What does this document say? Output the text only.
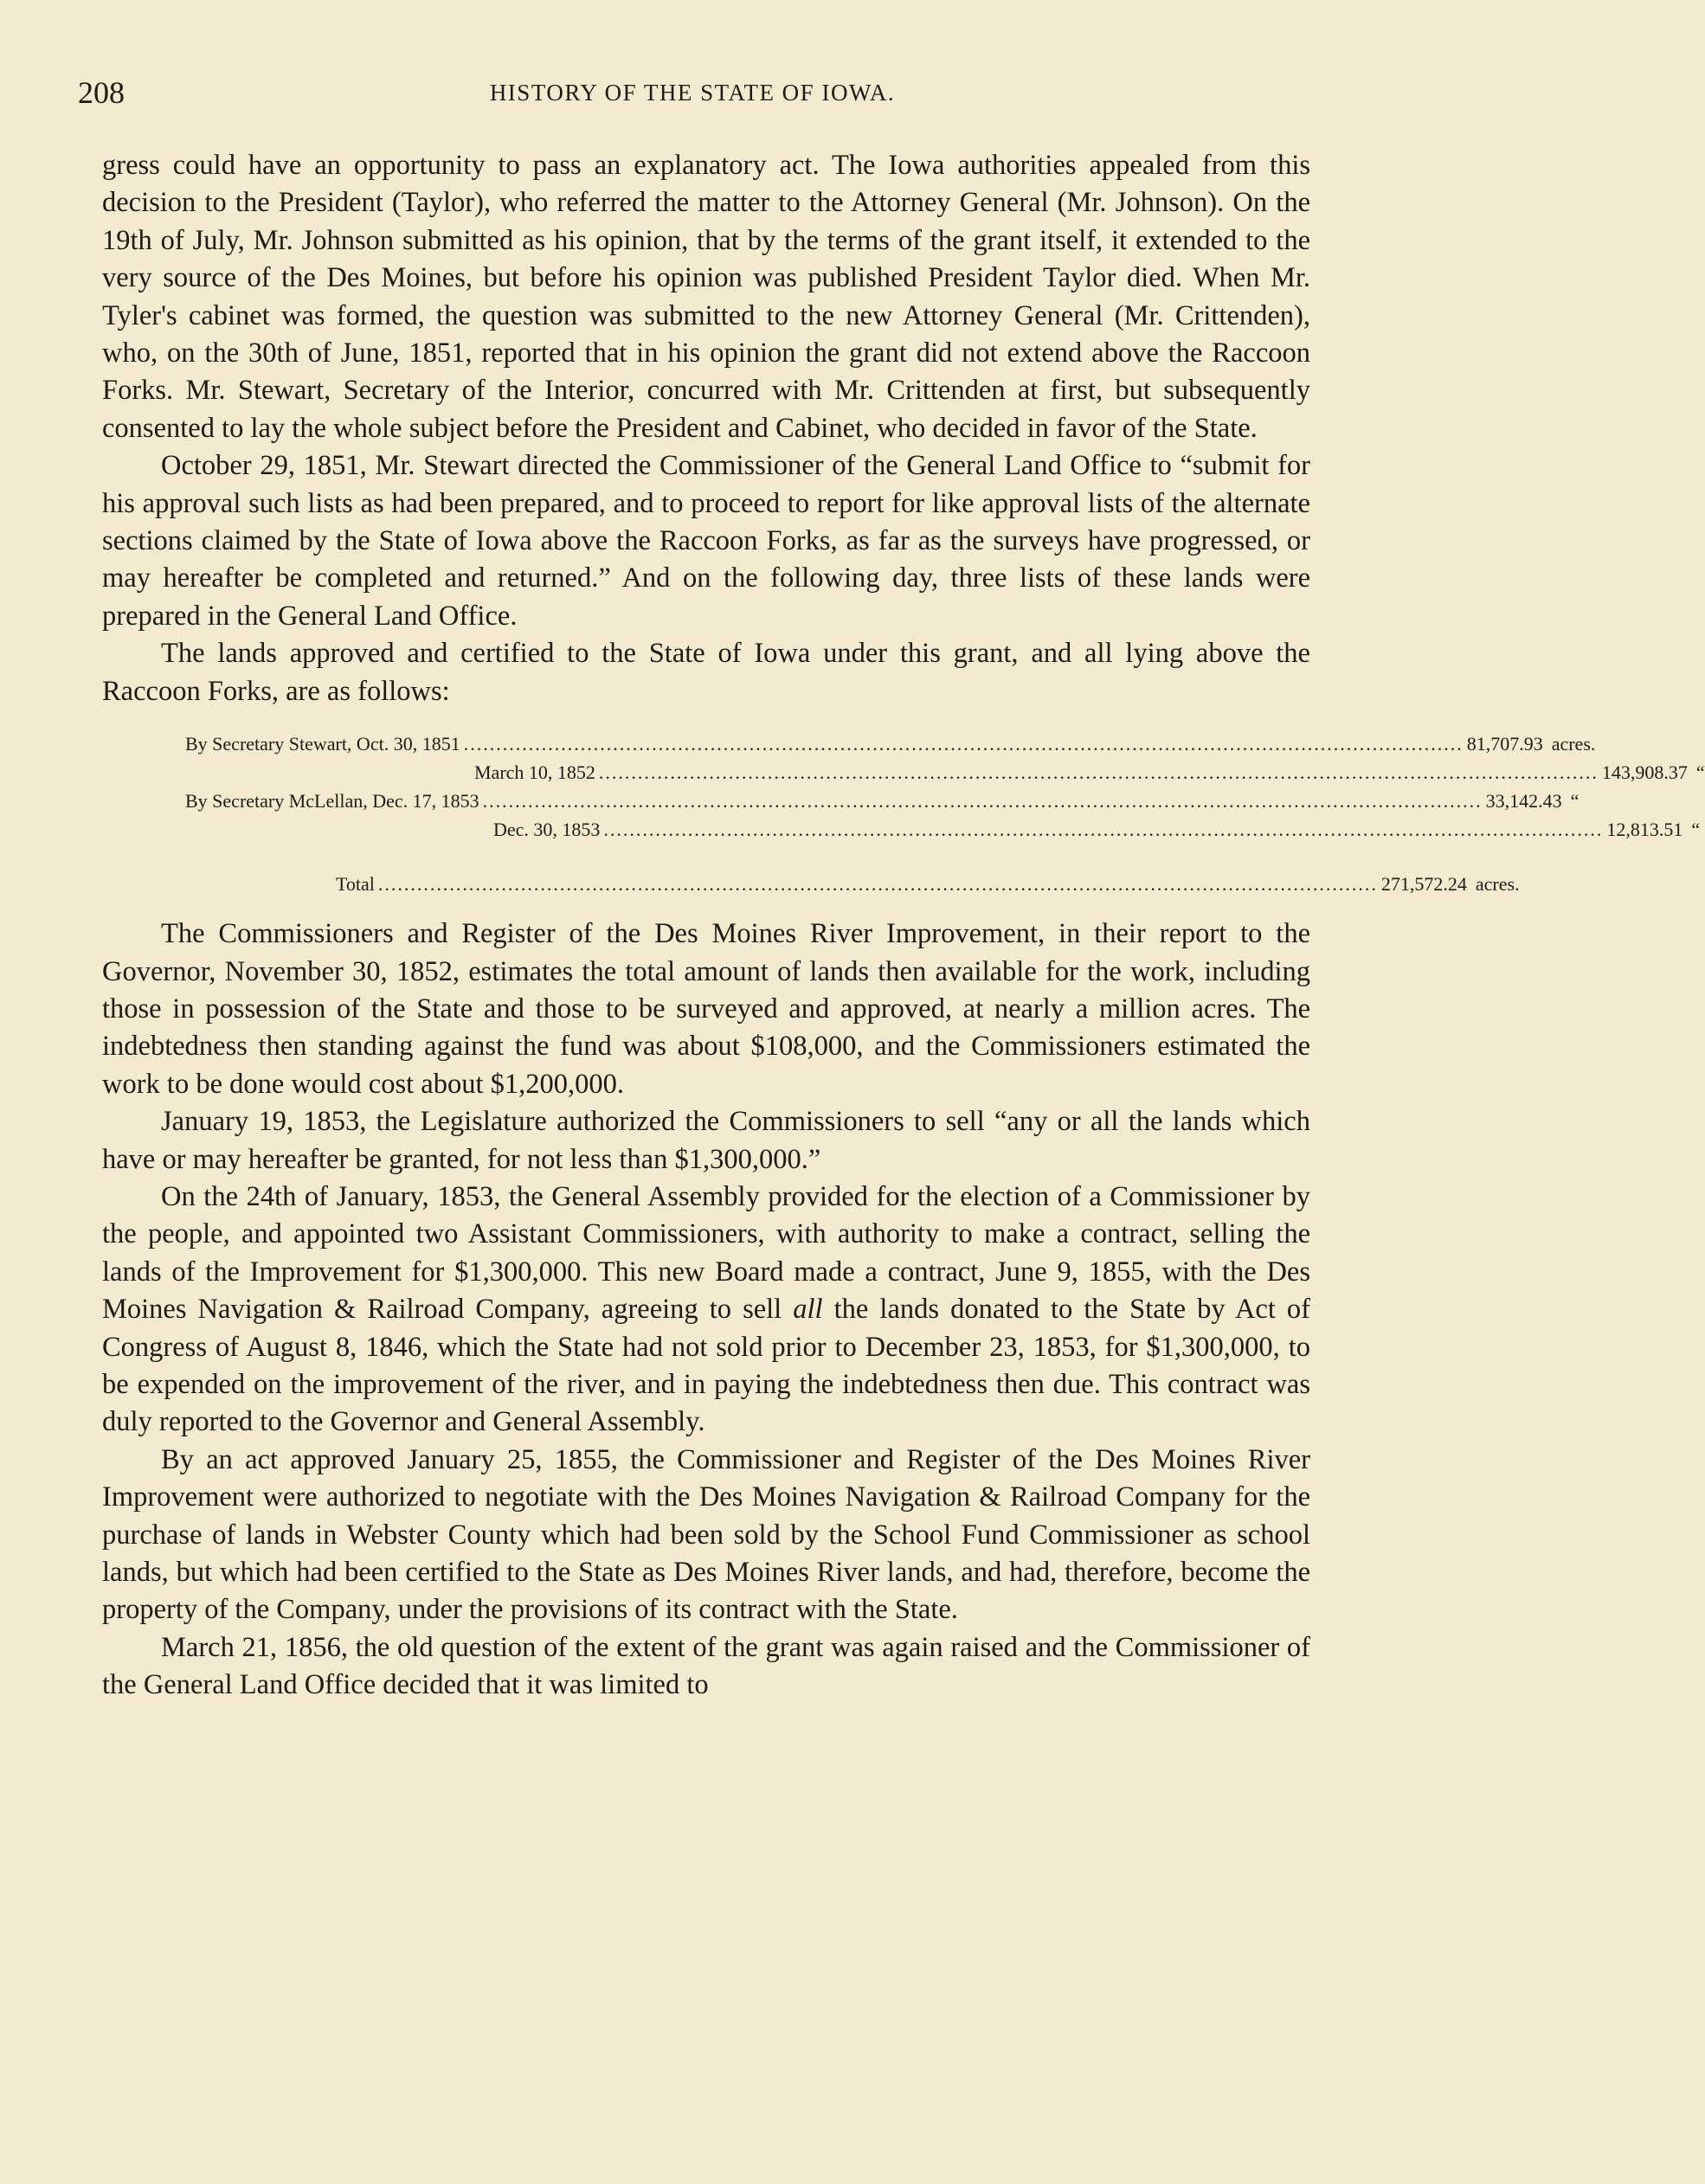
208	HISTORY OF THE STATE OF IOWA.

gress could have an opportunity to pass an explanatory act. The Iowa authorities appealed from this decision to the President (Taylor), who referred the matter to the Attorney General (Mr. Johnson). On the 19th of July, Mr. Johnson submitted as his opinion, that by the terms of the grant itself, it extended to the very source of the Des Moines, but before his opinion was published President Taylor died. When Mr. Tyler's cabinet was formed, the question was submitted to the new Attorney General (Mr. Crittenden), who, on the 30th of June, 1851, reported that in his opinion the grant did not extend above the Raccoon Forks. Mr. Stewart, Secretary of the Interior, concurred with Mr. Crittenden at first, but subsequently consented to lay the whole subject before the President and Cabinet, who decided in favor of the State.

October 29, 1851, Mr. Stewart directed the Commissioner of the General Land Office to “submit for his approval such lists as had been prepared, and to proceed to report for like approval lists of the alternate sections claimed by the State of Iowa above the Raccoon Forks, as far as the surveys have progressed, or may hereafter be completed and returned.” And on the following day, three lists of these lands were prepared in the General Land Office.

The lands approved and certified to the State of Iowa under this grant, and all lying above the Raccoon Forks, are as follows:

By Secretary Stewart, Oct. 30, 1851 .......................................................................................................................................................... 81,707.93 acres.
March 10, 1852 .......................................................................................................................................................... 143,908.37 “
By Secretary McLellan, Dec. 17, 1853 .......................................................................................................................................................... 33,142.43 “
Dec. 30, 1853 .......................................................................................................................................................... 12,813.51 “
Total .......................................................................................................................................................... 271,572.24 acres.

The Commissioners and Register of the Des Moines River Improvement, in their report to the Governor, November 30, 1852, estimates the total amount of lands then available for the work, including those in possession of the State and those to be surveyed and approved, at nearly a million acres. The indebtedness then standing against the fund was about $108,000, and the Commissioners estimated the work to be done would cost about $1,200,000.

January 19, 1853, the Legislature authorized the Commissioners to sell “any or all the lands which have or may hereafter be granted, for not less than $1,300,000.”

On the 24th of January, 1853, the General Assembly provided for the election of a Commissioner by the people, and appointed two Assistant Commissioners, with authority to make a contract, selling the lands of the Improvement for $1,300,000. This new Board made a contract, June 9, 1855, with the Des Moines Navigation & Railroad Company, agreeing to sell all the lands donated to the State by Act of Congress of August 8, 1846, which the State had not sold prior to December 23, 1853, for $1,300,000, to be expended on the improvement of the river, and in paying the indebtedness then due. This contract was duly reported to the Governor and General Assembly.

By an act approved January 25, 1855, the Commissioner and Register of the Des Moines River Improvement were authorized to negotiate with the Des Moines Navigation & Railroad Company for the purchase of lands in Webster County which had been sold by the School Fund Commissioner as school lands, but which had been certified to the State as Des Moines River lands, and had, therefore, become the property of the Company, under the provisions of its contract with the State.

March 21, 1856, the old question of the extent of the grant was again raised and the Commissioner of the General Land Office decided that it was limited to
